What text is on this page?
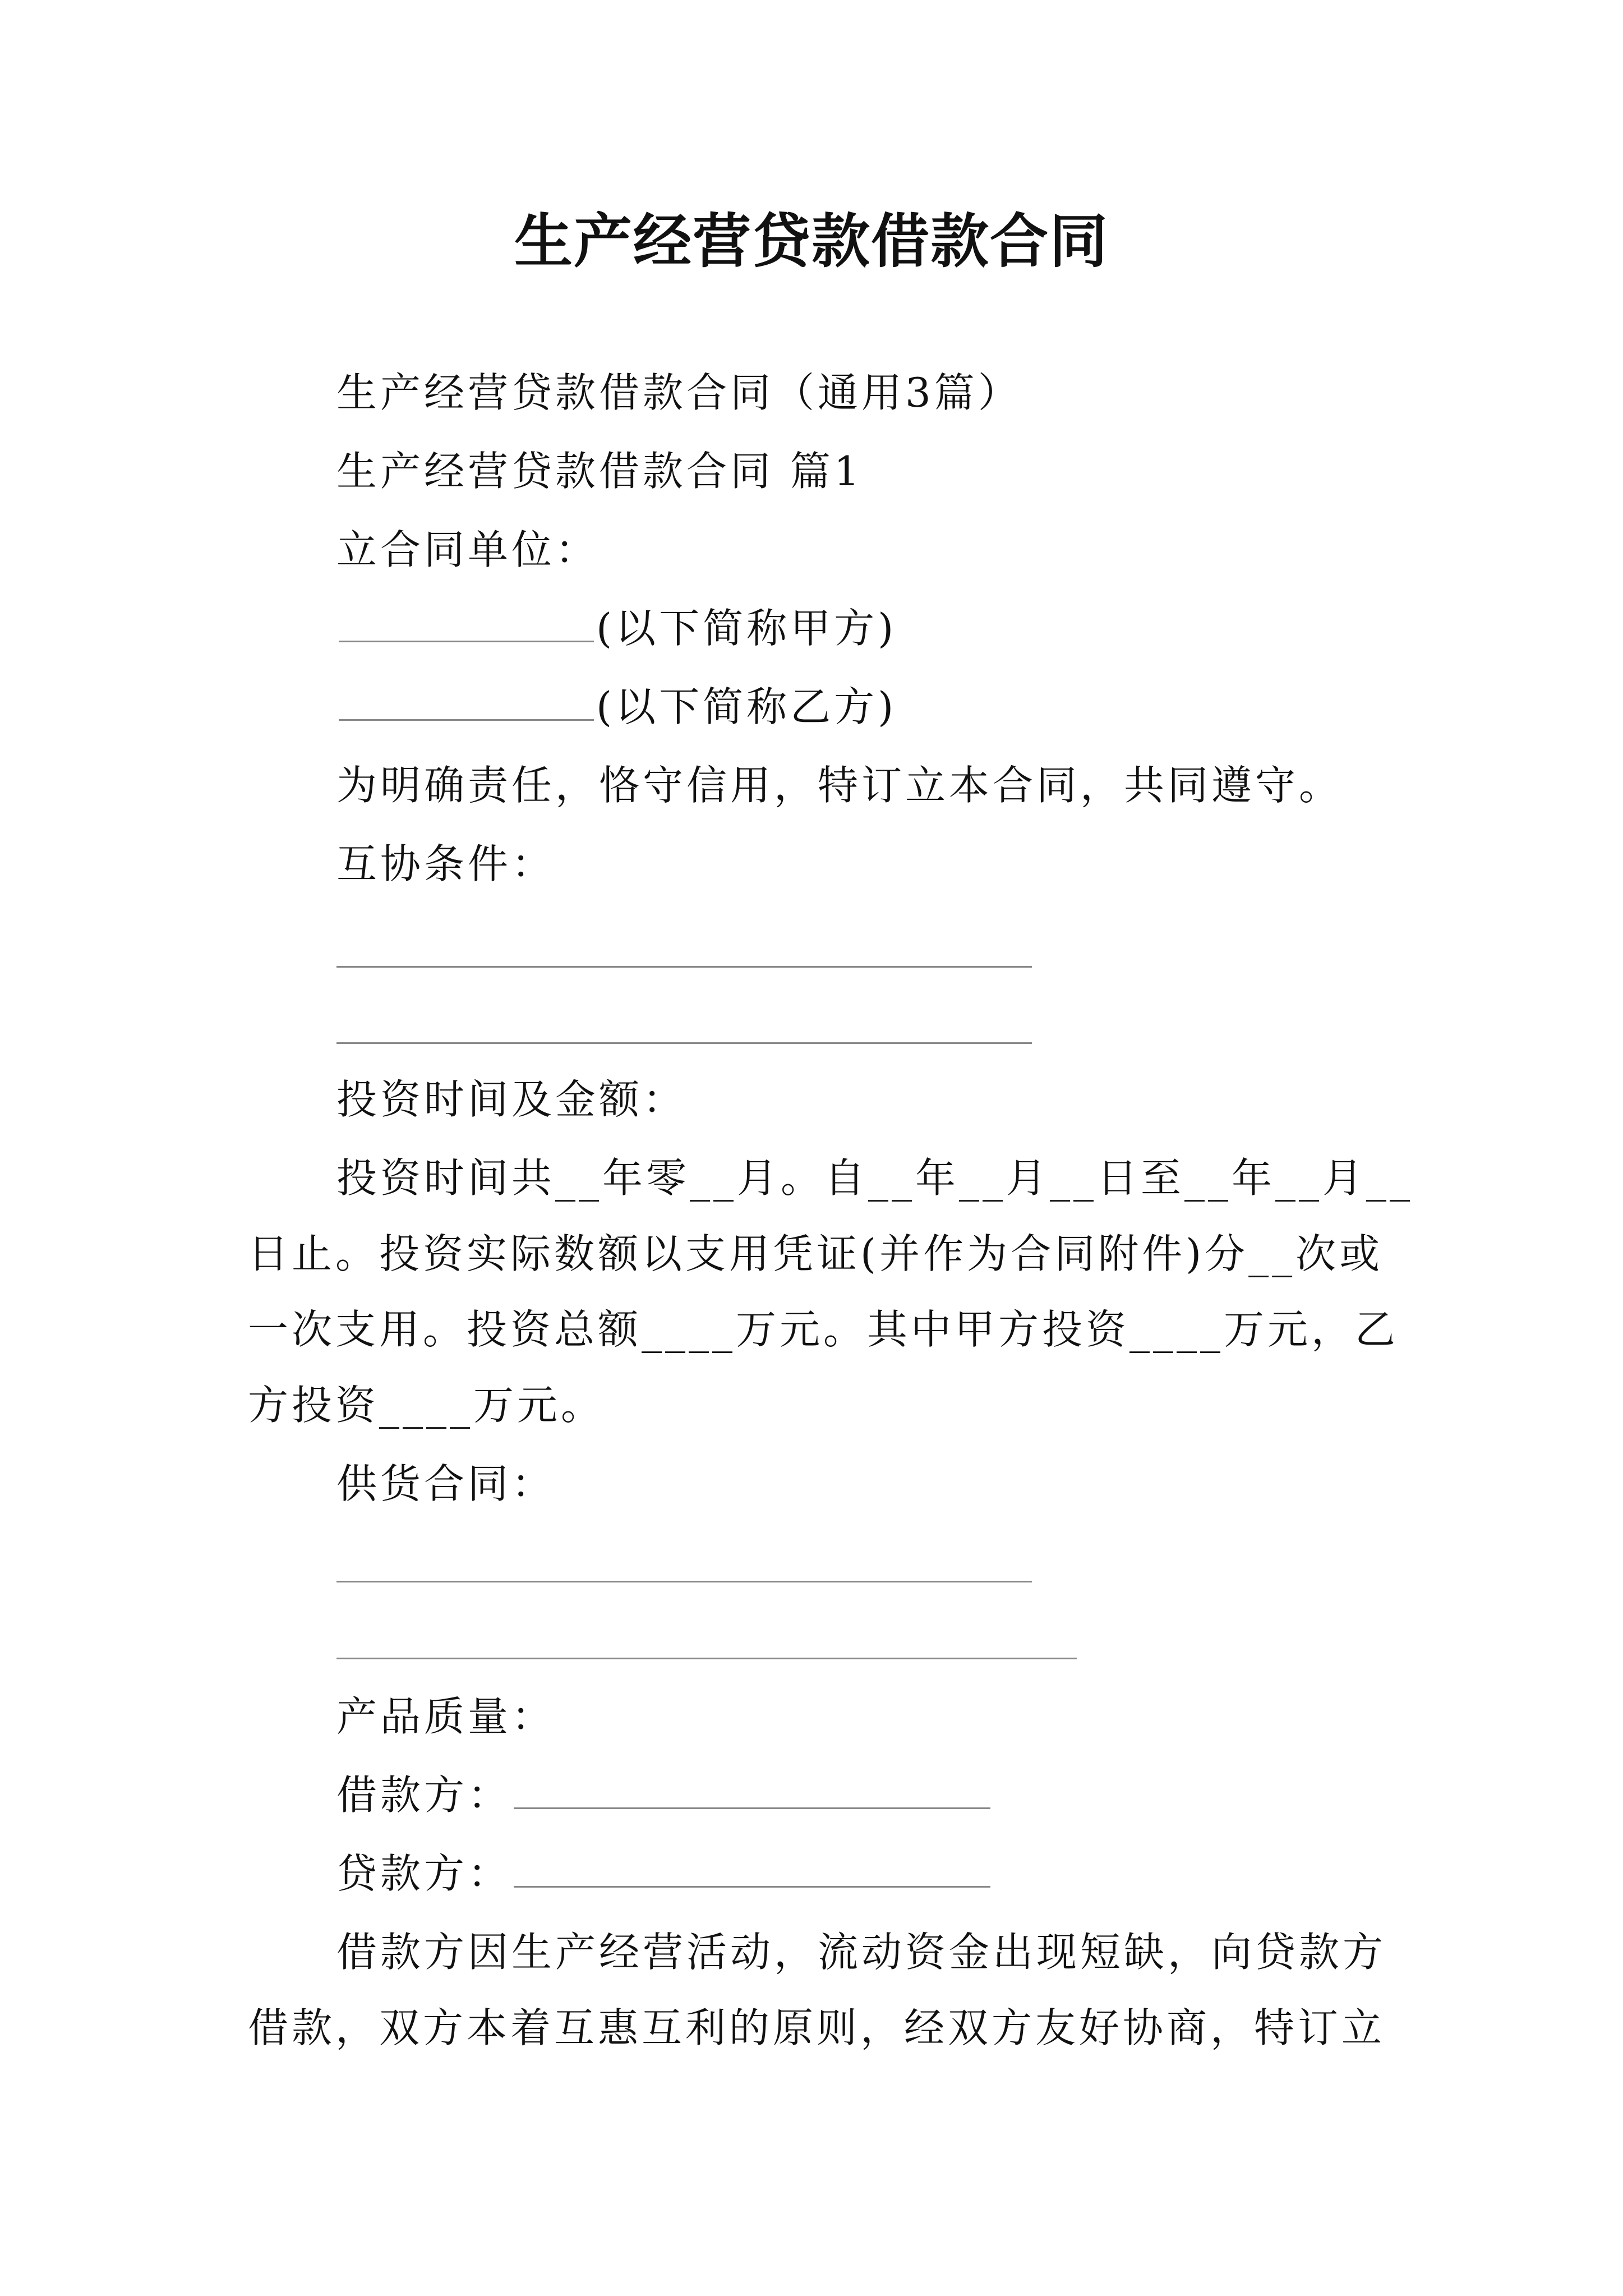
生产经营贷款借款合同
生产经营贷款借款合同（通用3篇）
生产经营贷款借款合同 篇1
立合同单位：
(以下简称甲方)
(以下简称乙方)
为明确责任，恪守信用，特订立本合同，共同遵守。
互协条件：
投资时间及金额：
投资时间共__年零__月。自__年__月__日至__年__月__
日止。投资实际数额以支用凭证(并作为合同附件)分__次或
一次支用。投资总额____万元。其中甲方投资____万元，乙
方投资____万元。
供货合同：
产品质量：
借款方：
贷款方：
借款方因生产经营活动，流动资金出现短缺，向贷款方
借款，双方本着互惠互利的原则，经双方友好协商，特订立
